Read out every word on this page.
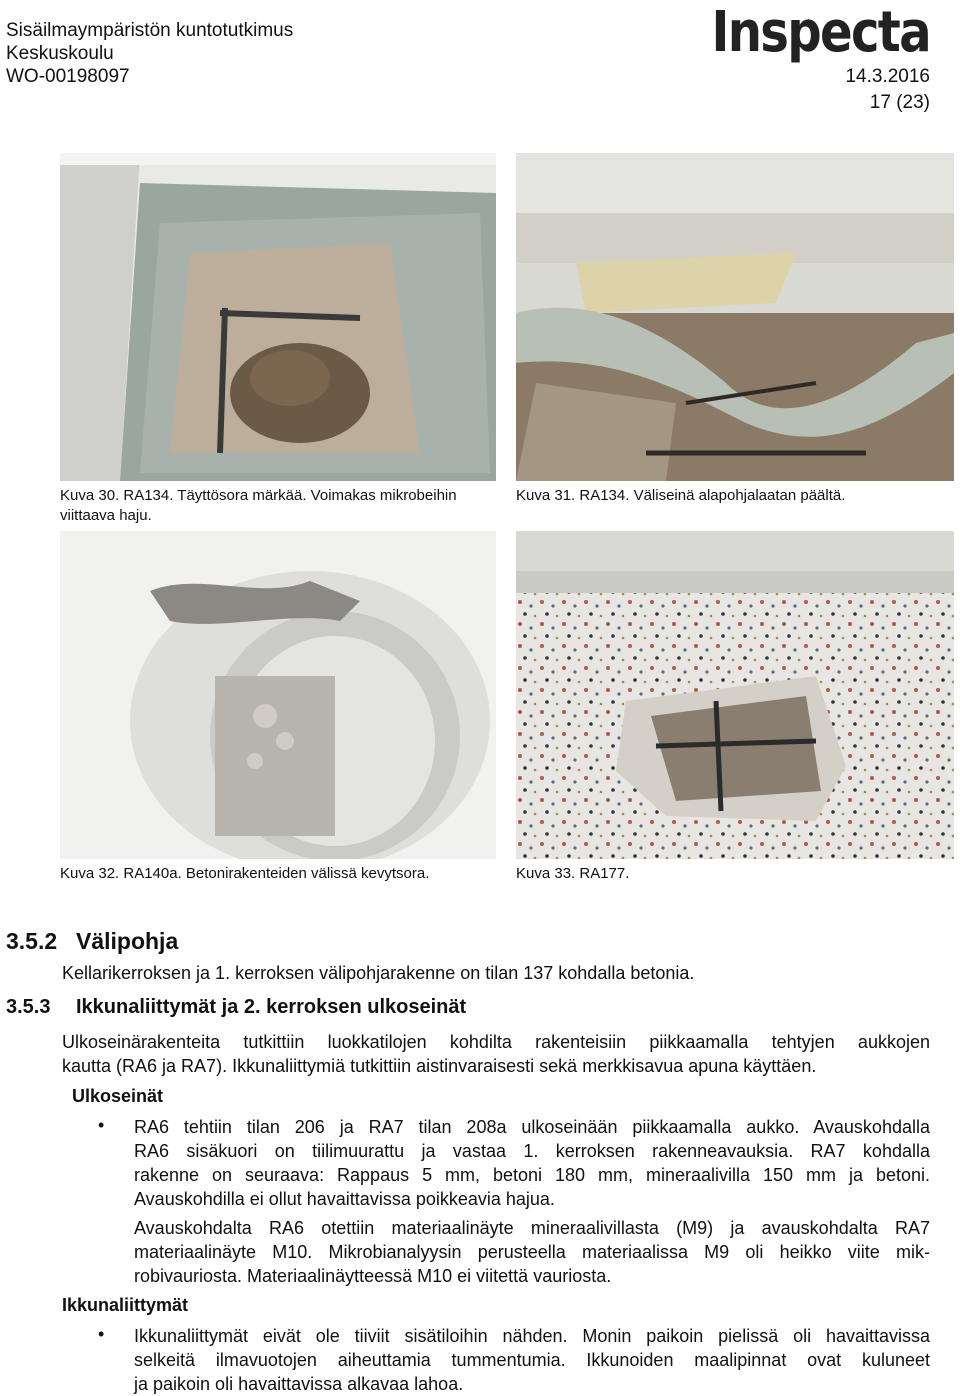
Sisäilmaympäristön kuntotutkimus
Keskuskoulu
WO-00198097
Inspecta
14.3.2016
17 (23)
Kuva 30. RA134. Täyttösora märkää. Voimakas mikrobeihin
viittaava haju.
Kuva 31. RA134. Väliseinä alapohjalaatan päältä.
Kuva 32. RA140a. Betonirakenteiden välissä kevytsora.	Kuva 33. RA177.
3.5.2 Välipohja
Kellarikerroksen ja 1. kerroksen välipohjarakenne on tilan 137 kohdalla betonia.
3.5.3 Ikkunaliittymät ja 2. kerroksen ulkoseinät
Ulkoseinärakenteita tutkittiin luokkatilojen kohdilta rakenteisiin piikkaamalla tehtyjen aukkojen
kautta (RA6 ja RA7). Ikkunaliittymiä tutkittiin aistinvaraisesti sekä merkkisavua apuna käyttäen.
Ulkoseinät
• RA6 tehtiin tilan 206 ja RA7 tilan 208a ulkoseinään piikkaamalla aukko. Avauskohdalla
RA6 sisäkuori on tiilimuurattu ja vastaa 1. kerroksen rakenneavauksia. RA7 kohdalla
rakenne on seuraava: Rappaus 5 mm, betoni 180 mm, mineraalivilla 150 mm ja betoni.
Avauskohdilla ei ollut havaittavissa poikkeavia hajua.
Avauskohdalta RA6 otettiin materiaalinäyte mineraalivillasta (M9) ja avauskohdalta RA7
materiaalinäyte M10. Mikrobianalyysin perusteella materiaalissa M9 oli heikko viite mik-
robivauriosta. Materiaalinäytteessä M10 ei viitettä vauriosta.
Ikkunaliittymät
• Ikkunaliittymät eivät ole tiiviit sisätiloihin nähden. Monin paikoin pielissä oli havaittavissa
selkeitä ilmavuotojen aiheuttamia tummentumia. Ikkunoiden maalipinnat ovat kuluneet
ja paikoin oli havaittavissa alkavaa lahoa.
